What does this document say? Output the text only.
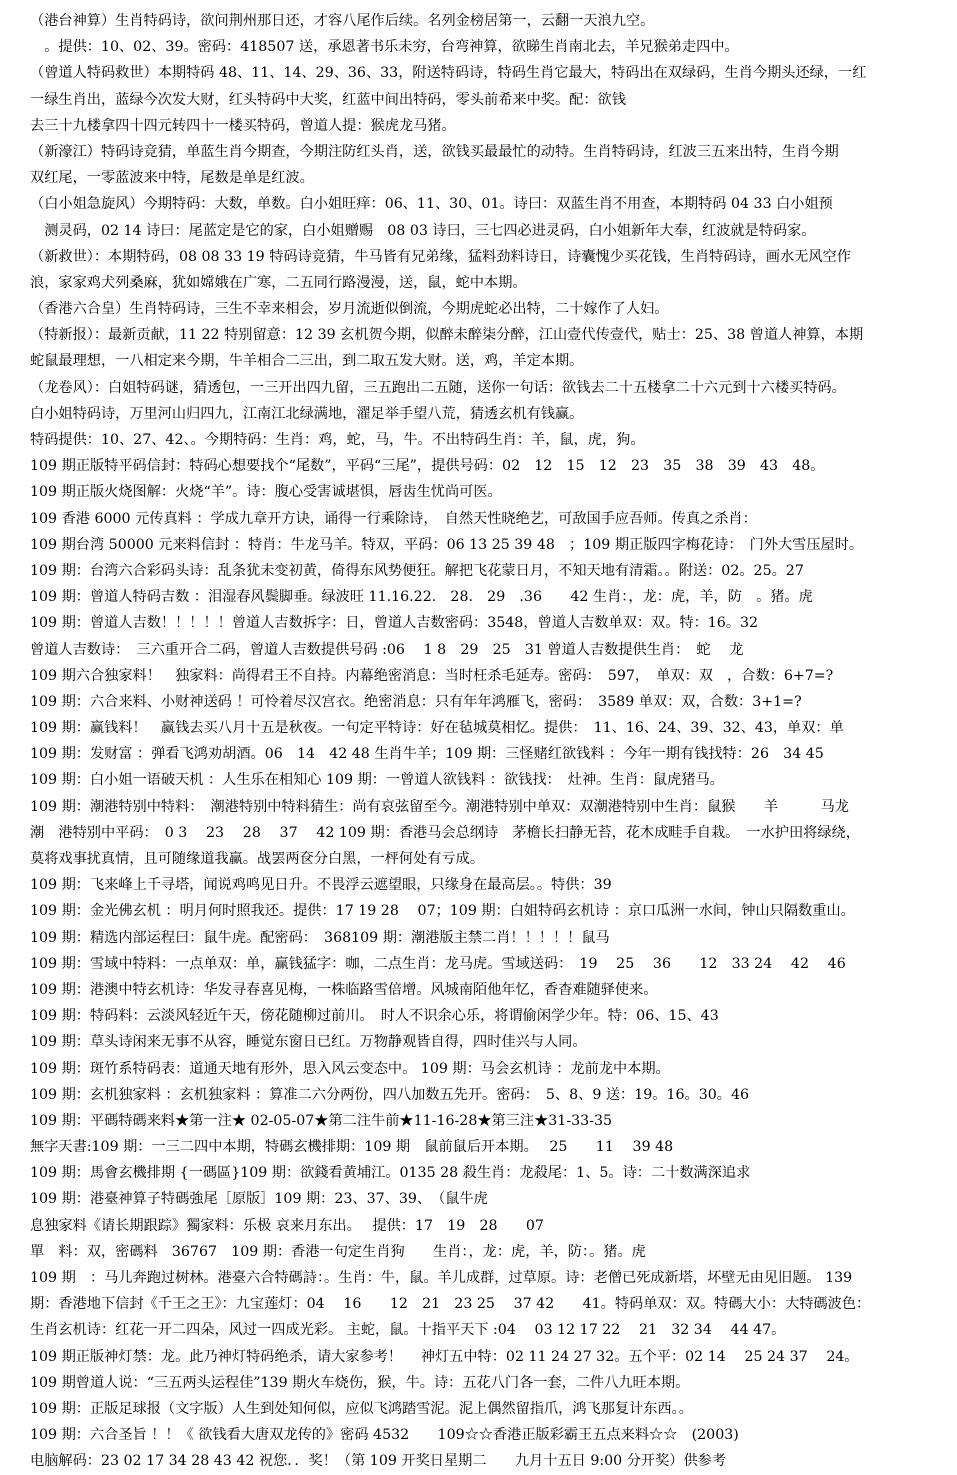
（港台神算）生肖特码诗，欲问荆州那日还，才容八尾作后续。名列金榜居第一，云翻一天浪九空。
　。提供：10、02、39。密码：418507 送，承恩著书乐未穷，台弯神算，欲睇生肖南北去，羊兄猴弟走四中。
（曾道人特码救世）本期特码 48、11、14、29、36、33，附送特码诗，特码生肖它最大，特码出在双绿码，生肖今期头还绿，一红
一绿生肖出，蓝绿今次发大财，红头特码中大奖，红蓝中间出特码，零头前希来中奖。配：欲钱
去三十九楼拿四十四元转四十一楼买特码，曾道人提：猴虎龙马猪。
（新濠江）特码诗竞猜，单蓝生肖今期查，今期注防红头肖，送，欲钱买最最忙的动特。生肖特码诗，红波三五来出特，生肖今期
双红尾，一零蓝波来中特，尾数是单是红波。
（白小姐急旋风）今期特码：大数，单数。白小姐旺痒：06、11、30、01。诗曰：双蓝生肖不用查，本期特码 04 33 白小姐预
　测灵码，02 14 诗曰：尾蓝定是它的家，白小姐赠赐　08 03 诗曰，三七四必进灵码，白小姐新年大奉，红波就是特码家。
（新救世）：本期特码，08 08 33 19 特码诗竞猜，牛马皆有兄弟缘，猛料劲料诗日，诗囊愧少买花钱，生肖特码诗，画水无风空作
浪，家家鸡犬列桑麻，犹如嫦娥在广寒，二五同行路漫漫，送，鼠，蛇中本期。
（香港六合皇）生肖特码诗，三生不幸来相会，岁月流逝似倒流，今期虎蛇必出特，二十嫁作了人妇。
（特新报）：最新贡献，11 22 特别留意：12 39 玄机贺今期，似醉未醉柒分醉，江山壹代传壹代，贴士：25、38 曾道人神算，本期
蛇鼠最理想，一八相定来今期，牛羊相合二三出，到二取五发大财。送，鸡，羊定本期。
（龙卷风）：白姐特码谜，猜透包，一三开出四九留，三五跑出二五随，送你一句话：欲钱去二十五楼拿二十六元到十六楼买特码。
白小姐特码诗，万里河山归四九，江南江北绿满地，濯足举手望八荒，猜透玄机有钱赢。
特码提供：10、27、42、。今期特码：生肖：鸡，蛇，马，牛。不出特码生肖：羊，鼠，虎，狗。
109 期正版特平码信封：特码心想要找个“尾数”，平码“三尾”，提供号码：02　12　15　12　23　35　38　39　43　48。
109 期正版火烧图解：火烧“羊”。诗：腹心受害诚堪惧，唇齿生忧尚可医。
109 香港 6000 元传真料 ：学成九章开方诀，诵得一行乘除诗，　自然天性晓绝艺，可敌国手应吾师。传真之杀肖：
109 期台湾 50000 元来料信封 ：特肖：牛龙马羊。特双，平码：06 13 25 39 48　；109 期正版四字梅花诗：　门外大雪压屋时。
109 期：台湾六合彩码头诗：乱条犹未变初黄，倚得东风势便狂。解把飞花蒙日月，不知天地有清霜。。附送：02。25。27
109 期：曾道人特码吉数 ：泪湿春风鬓脚垂。绿波旺 11.16.22.　28.　29　.36　　42 生肖：，龙：虎，羊，防　。猪。虎
109 期：曾道人吉数！！！！！曾道人吉数拆字：日，曾道人吉数密码：3548，曾道人吉数单双：双。特：16。32
曾道人吉数诗：　三六重开合二码，曾道人吉数提供号码 :06　 1 8　29　25　31 曾道人吉数提供生肖：　蛇　 龙
109 期六合独家料！　独家料：尚得君王不自持。内幕绝密消息：当时枉杀毛延寿。密码：　597，　单双：双　，合数：6+7=?
109 期：六合来料、小财神送码 ！可怜着尽汉宫衣。绝密消息：只有年年鸿雁飞，密码：　3589 单双：双，合数：3+1=?
109 期：赢钱料！　赢钱去买八月十五是秋夜。一句定平特诗：好在毡城莫相忆。提供：　11、16、24、39、32、43，单双：单
109 期：发财富 ：弹看飞鸿劝胡酒。06　14　42 48 生肖牛羊；109 期：三怪赌红欲钱料 ：今年一期有钱找特：26　34 45
109 期：白小姐一语破天机 ：人生乐在相知心 109 期：一曾道人欲钱料 ：欲钱找：　灶神。生肖：鼠虎猪马。
109 期：潮港特别中特料：　潮港特别中特料猜生：尚有哀弦留至今。潮港特别中单双：双潮港特别中生肖：鼠猴　　羊　　　马龙
潮　港特别中平码：　0 3　 23　 28　 37　 42 109 期：香港马会总纲诗　茅檐长扫静无苔，花木成畦手自栽。　一水护田将绿绕，
莫将戏事扰真情，且可随缘道我赢。战罢两奁分白黑，一枰何处有亏成。
109 期：飞来峰上千寻塔，闻说鸡鸣见日升。不畏浮云遮望眼，只缘身在最高层。。特供：39
109 期：金光佛玄机 ：明月何时照我还。提供：17 19 28　 07；109 期：白姐特码玄机诗 ：京口瓜洲一水间，钟山只隔数重山。
109 期：精选内部运程曰：鼠牛虎。配密码：　368109 期：潮港版主禁二肖！！！！！鼠马
109 期：雪域中特料：一点单双：单，赢钱猛字：咖，二点生肖：龙马虎。雪域送码：　19　 25　 36　　12　33 24　 42　 46
109 期：港澳中特玄机诗：华发寻春喜见梅，一株临路雪倍增。风城南陌他年忆，香杳难随驿使来。
109 期：特码料：云淡风轻近午天，傍花随柳过前川。　时人不识余心乐，将谓偷闲学少年。特：06、15、43
109 期：草头诗闲来无事不从容，睡觉东窗日已红。万物静观皆自得，四时佳兴与人同。
109 期：斑竹系特码表：道通天地有形外，思入风云变态中。 109 期：马会玄机诗 ：龙前龙中本期。
109 期：玄机独家料 ：玄机独家料 ：算准二六分两份，四八加数五先开。密码：　5、8、9 送：19。16。30。46
109 期：平碼特碼来料★第一注★ 02-05-07★第二注牛前★11-16-28★第三注★31-33-35
無字天書:109 期：一三二四中本期，特碼玄機排期：109 期　鼠前鼠后开本期。　 25　　11　 39 48
109 期：馬會玄機排期 {一碼區}109 期：欲錢看黄埔江。0135 28 殺生肖：龙殺尾：1、5。诗：二十数满深追求
109 期：港臺神算子特碼強尾［原版］109 期：23、37、39、　（鼠牛虎
息独家料《请长期跟踪》獨家料：乐极 哀来月东出。　 提供：17　19　28　　07
單　料：双，密碼料　36767　109 期：香港一句定生肖狗　　生肖：，龙：虎，羊，防：。猪。虎
109 期　：马儿奔跑过树林。港臺六合特碼詩：。生肖：牛，鼠。羊儿成群，过草原。诗：老僧已死成新塔，坏壁无由见旧题。 139
期：香港地下信封《千王之王》：九宝莲灯：04　 16　　12　21　23 25　 37 42　　41。特码单双：双。特碼大小：大特碼波色：
生肖玄机诗：红花一开二四朵，风过一四成光彩。 主蛇，鼠。十指平天下 :04　 03 12 17 22　 21　32 34　 44 47。
109 期正版神灯禁：龙。此乃神灯特码绝杀，请大家参考！　 神灯五中特：02 11 24 27 32。五个平：02 14　 25 24 37　 24。
109 期曾道人说：“三五两头运程佳”139 期火车烧伤，猴，牛。诗：五花八门各一套，二件八九旺本期。
109 期：正版足球报（文字版）人生到处知何似，应似飞鸿踏雪泥。泥上偶然留指爪，鸿飞那复计东西。。
109 期：六合圣旨 ！！《 欲钱看大唐双龙传的》密码 4532　　109☆☆香港正版彩霸王五点来料☆☆　(2003)
电脑解码：23 02 17 34 28 43 42 祝您．．奖！（第 109 开奖日星期二　　九月十五日 9:00 分开奖）供参考
